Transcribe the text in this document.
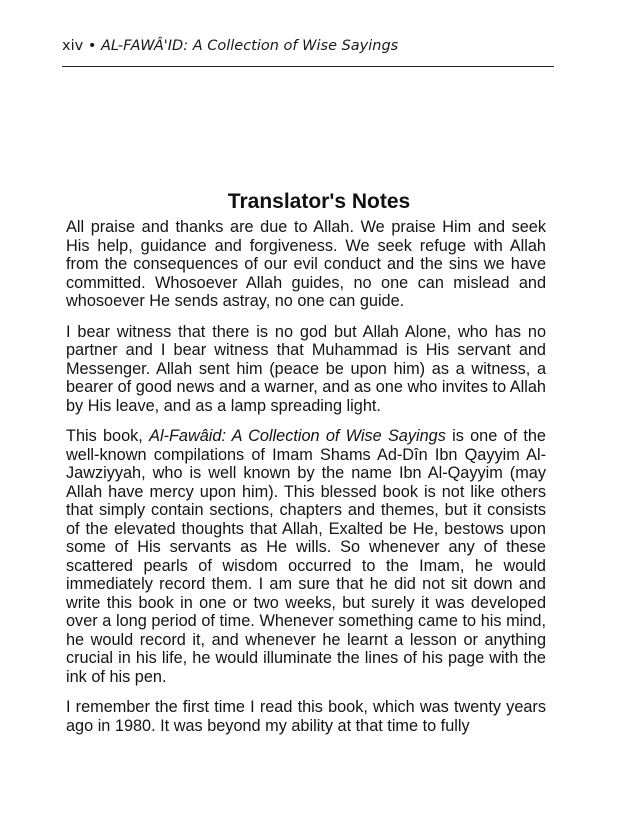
xiv • AL-FAWÂ'ID: A Collection of Wise Sayings
Translator's Notes

All praise and thanks are due to Allah. We praise Him and seek His help, guidance and forgiveness. We seek refuge with Allah from the consequences of our evil conduct and the sins we have committed. Whosoever Allah guides, no one can mislead and whosoever He sends astray, no one can guide.

I bear witness that there is no god but Allah Alone, who has no partner and I bear witness that Muhammad is His servant and Messenger. Allah sent him (peace be upon him) as a witness, a bearer of good news and a warner, and as one who invites to Allah by His leave, and as a lamp spreading light.

This book, Al-Fawâid: A Collection of Wise Sayings is one of the well-known compilations of Imam Shams Ad-Dîn Ibn Qayyim Al-Jawziyyah, who is well known by the name Ibn Al-Qayyim (may Allah have mercy upon him). This blessed book is not like others that simply contain sections, chapters and themes, but it consists of the elevated thoughts that Allah, Exalted be He, bestows upon some of His servants as He wills. So whenever any of these scattered pearls of wisdom occurred to the Imam, he would immediately record them. I am sure that he did not sit down and write this book in one or two weeks, but surely it was developed over a long period of time. Whenever something came to his mind, he would record it, and whenever he learnt a lesson or anything crucial in his life, he would illuminate the lines of his page with the ink of his pen.

I remember the first time I read this book, which was twenty years ago in 1980. It was beyond my ability at that time to fully
